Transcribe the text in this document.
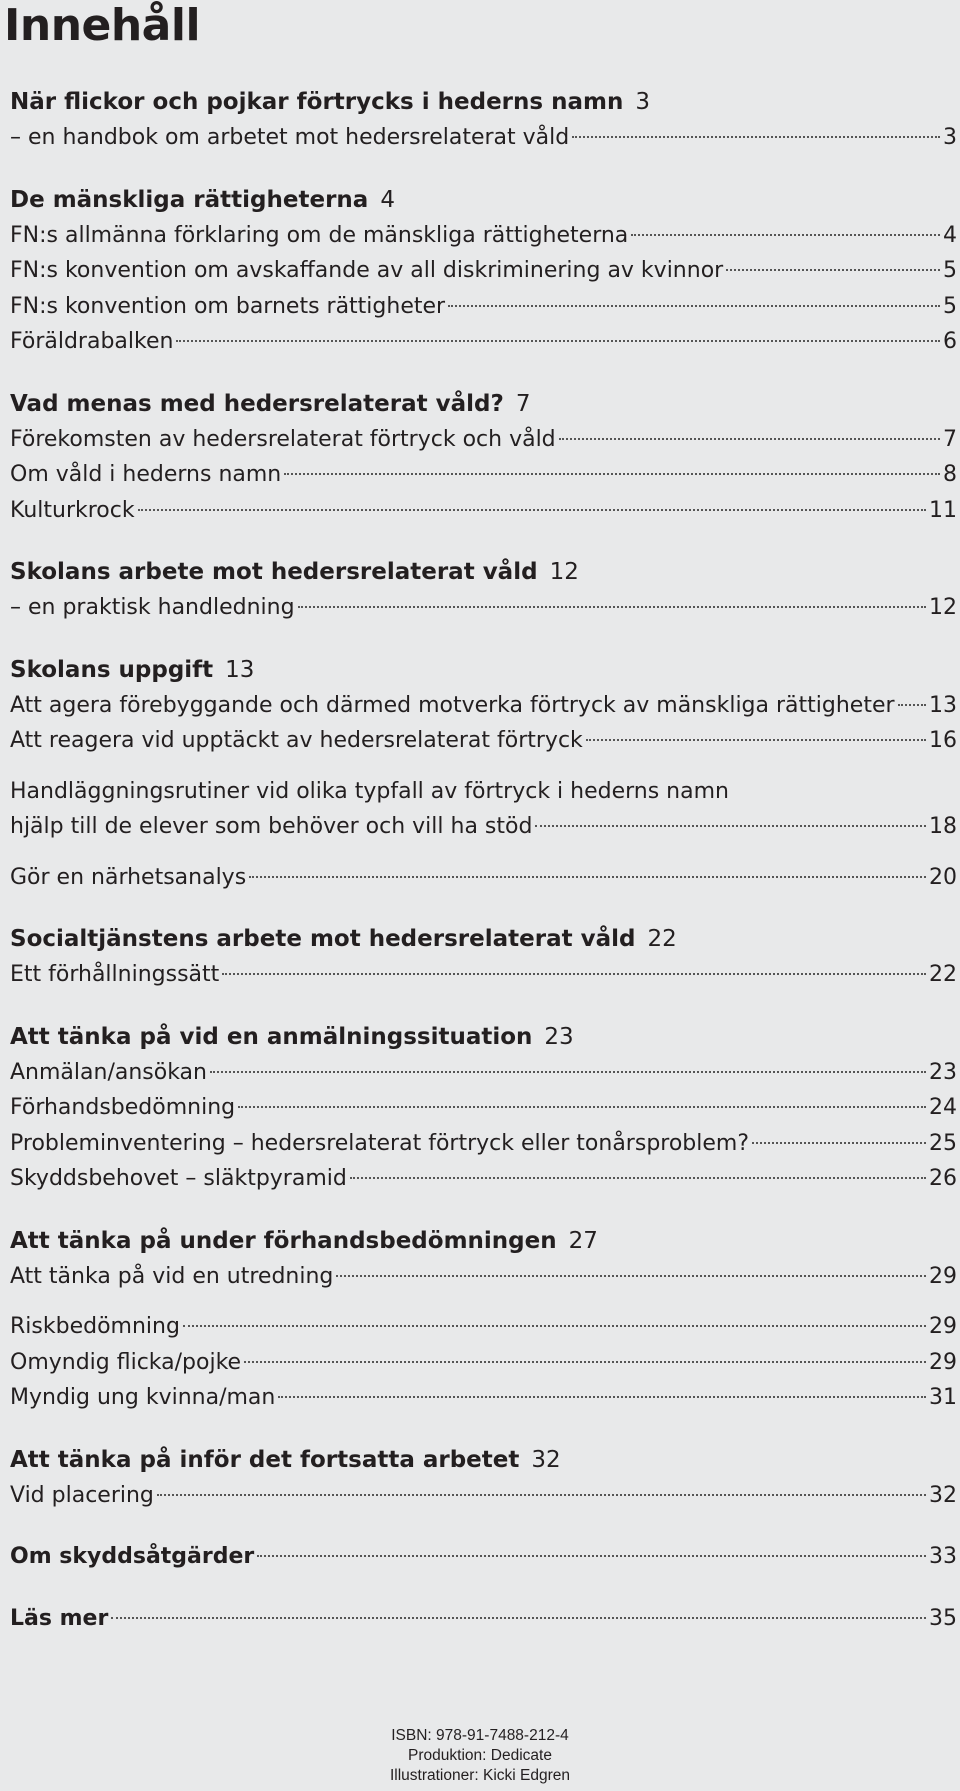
Innehåll
När flickor och pojkar förtrycks i hederns namn 3
– en handbok om arbetet mot hedersrelaterat våld	3
De mänskliga rättigheterna 4
FN:s allmänna förklaring om de mänskliga rättigheterna	4
FN:s konvention om avskaffande av all diskriminering av kvinnor	5
FN:s konvention om barnets rättigheter	5
Föräldrabalken	6
Vad menas med hedersrelaterat våld? 7
Förekomsten av hedersrelaterat förtryck och våld	7
Om våld i hederns namn	8
Kulturkrock	11
Skolans arbete mot hedersrelaterat våld 12
– en praktisk handledning	12
Skolans uppgift 13
Att agera förebyggande och därmed motverka förtryck av mänskliga rättigheter 13
Att reagera vid upptäckt av hedersrelaterat förtryck	16
Handläggningsrutiner vid olika typfall av förtryck i hederns namn
hjälp till de elever som behöver och vill ha stöd	18
Gör en närhetsanalys	20
Socialtjänstens arbete mot hedersrelaterat våld 22
Ett förhållningssätt	22
Att tänka på vid en anmälningssituation 23
Anmälan/ansökan	23
Förhandsbedömning	24
Probleminventering – hedersrelaterat förtryck eller tonårsproblem?	25
Skyddsbehovet – släktpyramid	26
Att tänka på under förhandsbedömningen 27
Att tänka på vid en utredning	29
Riskbedömning	29
Omyndig flicka/pojke	29
Myndig ung kvinna/man	31
Att tänka på inför det fortsatta arbetet 32
Vid placering	32
Om skyddsåtgärder	33
Läs mer	35
ISBN: 978-91-7488-212-4
Produktion: Dedicate
Illustrationer: Kicki Edgren
